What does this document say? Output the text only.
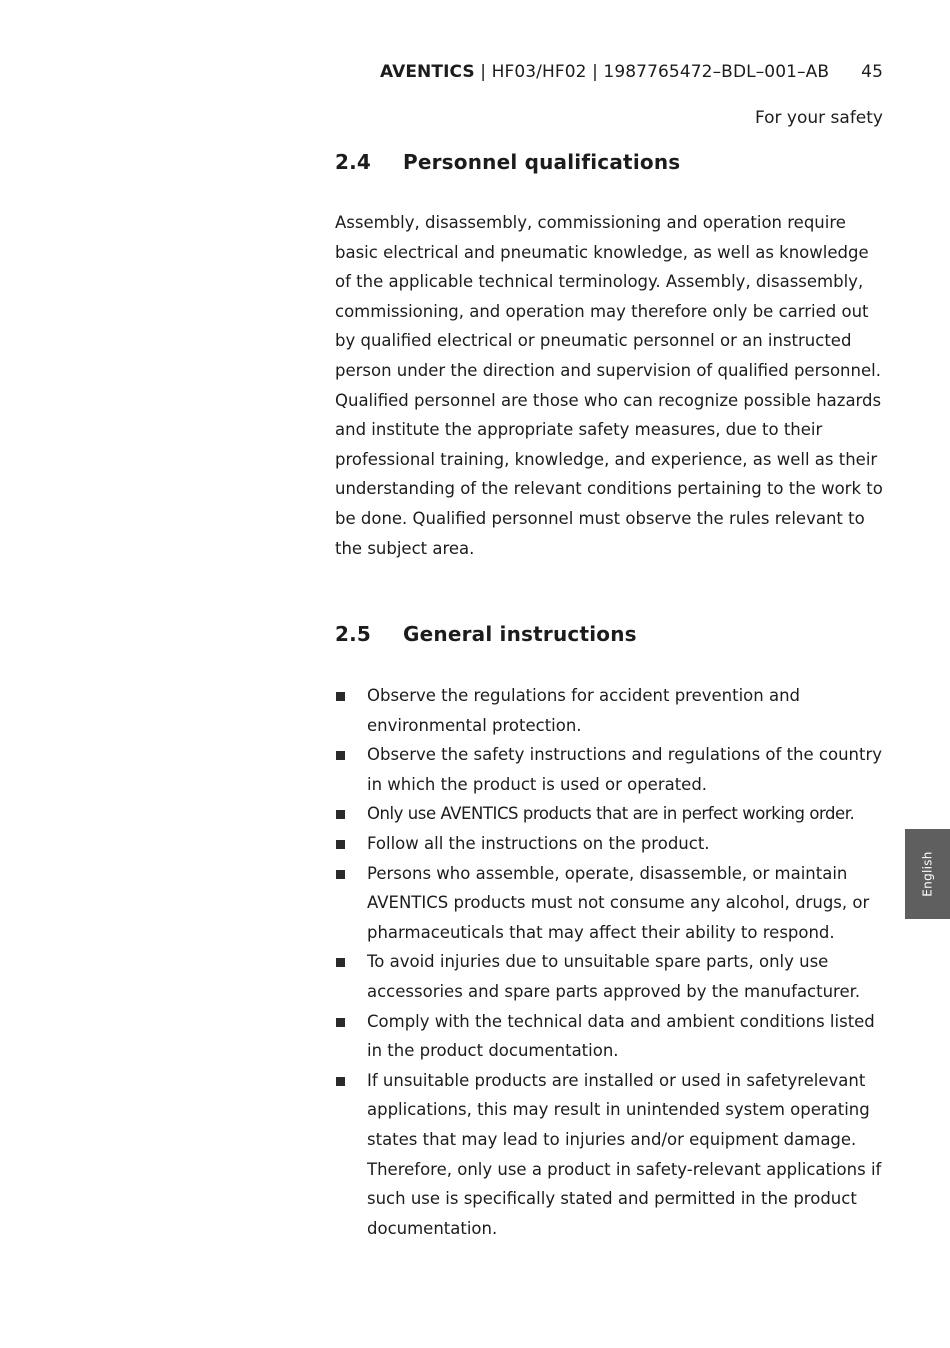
AVENTICS | HF03/HF02 | 1987765472–BDL–001–AB 45
For your safety
2.4 Personnel qualifications

Assembly, disassembly, commissioning and operation require basic electrical and pneumatic knowledge, as well as knowledge of the applicable technical terminology. Assembly, disassembly, commissioning, and operation may therefore only be carried out by qualified electrical or pneumatic personnel or an instructed person under the direction and supervision of qualified personnel. Qualified personnel are those who can recognize possible hazards and institute the appropriate safety measures, due to their professional training, knowledge, and experience, as well as their understanding of the relevant conditions pertaining to the work to be done. Qualified personnel must observe the rules relevant to the subject area.

2.5 General instructions
Observe the regulations for accident prevention and environmental protection.
Observe the safety instructions and regulations of the country in which the product is used or operated.
Only use AVENTICS products that are in perfect working order.
Follow all the instructions on the product.
Persons who assemble, operate, disassemble, or maintain AVENTICS products must not consume any alcohol, drugs, or pharmaceuticals that may affect their ability to respond.
To avoid injuries due to unsuitable spare parts, only use accessories and spare parts approved by the manufacturer.
Comply with the technical data and ambient conditions listed in the product documentation.
If unsuitable products are installed or used in safetyrelevant applications, this may result in unintended system operating states that may lead to injuries and/or equipment damage. Therefore, only use a product in safety-relevant applications if such use is specifically stated and permitted in the product documentation.
English
